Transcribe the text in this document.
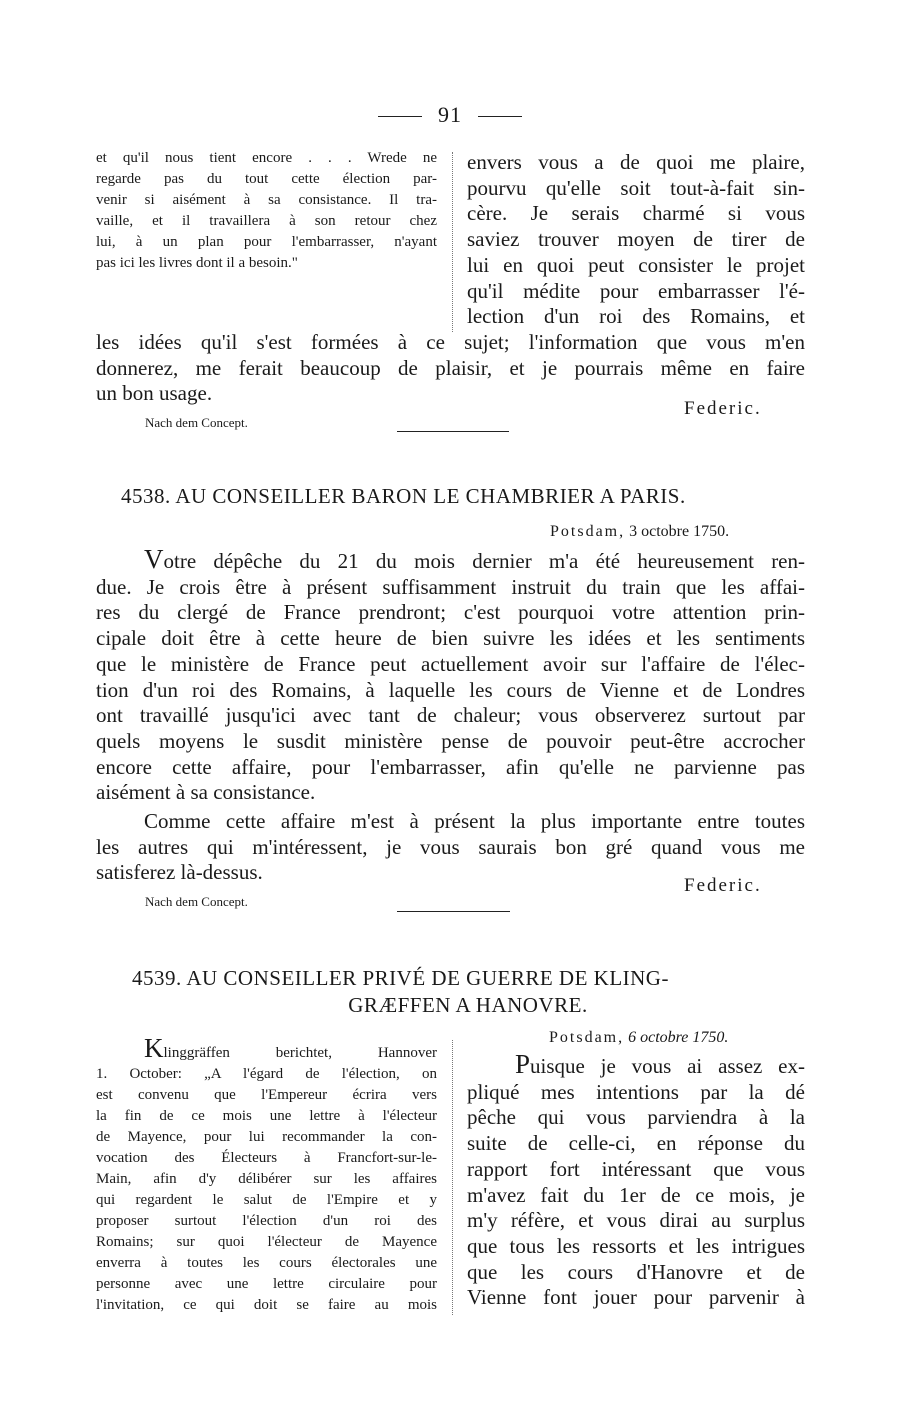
91
et qu'il nous tient encore . . . Wrede ne
regarde pas du tout cette élection par-
venir si aisément à sa consistance. Il tra-
vaille, et il travaillera à son retour chez
lui, à un plan pour l'embarrasser, n'ayant
pas ici les livres dont il a besoin."
envers vous a de quoi me plaire,
pourvu qu'elle soit tout-à-fait sin-
cère. Je serais charmé si vous
saviez trouver moyen de tirer de
lui en quoi peut consister le projet
qu'il médite pour embarrasser l'é-
lection d'un roi des Romains, et
les idées qu'il s'est formées à ce sujet; l'information que vous m'en
donnerez, me ferait beaucoup de plaisir, et je pourrais même en faire
un bon usage.
Federic.
Nach dem Concept.
4538. AU CONSEILLER BARON LE CHAMBRIER A PARIS.
Potsdam, 3 octobre 1750.
Votre dépêche du 21 du mois dernier m'a été heureusement ren-
due. Je crois être à présent suffisamment instruit du train que les affai-
res du clergé de France prendront; c'est pourquoi votre attention prin-
cipale doit être à cette heure de bien suivre les idées et les sentiments
que le ministère de France peut actuellement avoir sur l'affaire de l'élec-
tion d'un roi des Romains, à laquelle les cours de Vienne et de Londres
ont travaillé jusqu'ici avec tant de chaleur; vous observerez surtout par
quels moyens le susdit ministère pense de pouvoir peut-être accrocher
encore cette affaire, pour l'embarrasser, afin qu'elle ne parvienne pas
aisément à sa consistance.
Comme cette affaire m'est à présent la plus importante entre toutes
les autres qui m'intéressent, je vous saurais bon gré quand vous me
satisferez là-dessus.
Federic.
Nach dem Concept.
4539. AU CONSEILLER PRIVÉ DE GUERRE DE KLING-
GRÆFFEN A HANOVRE.
Klinggräffen berichtet, Hannover
1. October: „A l'égard de l'élection, on
est convenu que l'Empereur écrira vers
la fin de ce mois une lettre à l'électeur
de Mayence, pour lui recommander la con-
vocation des Électeurs à Francfort-sur-le-
Main, afin d'y délibérer sur les affaires
qui regardent le salut de l'Empire et y
proposer surtout l'élection d'un roi des
Romains; sur quoi l'électeur de Mayence
enverra à toutes les cours électorales une
personne avec une lettre circulaire pour
l'invitation, ce qui doit se faire au mois
Potsdam, 6 octobre 1750.
Puisque je vous ai assez ex-
pliqué mes intentions par la dé
pêche qui vous parviendra à la
suite de celle-ci, en réponse du
rapport fort intéressant que vous
m'avez fait du 1er de ce mois, je
m'y réfère, et vous dirai au surplus
que tous les ressorts et les intrigues
que les cours d'Hanovre et de
Vienne font jouer pour parvenir à
